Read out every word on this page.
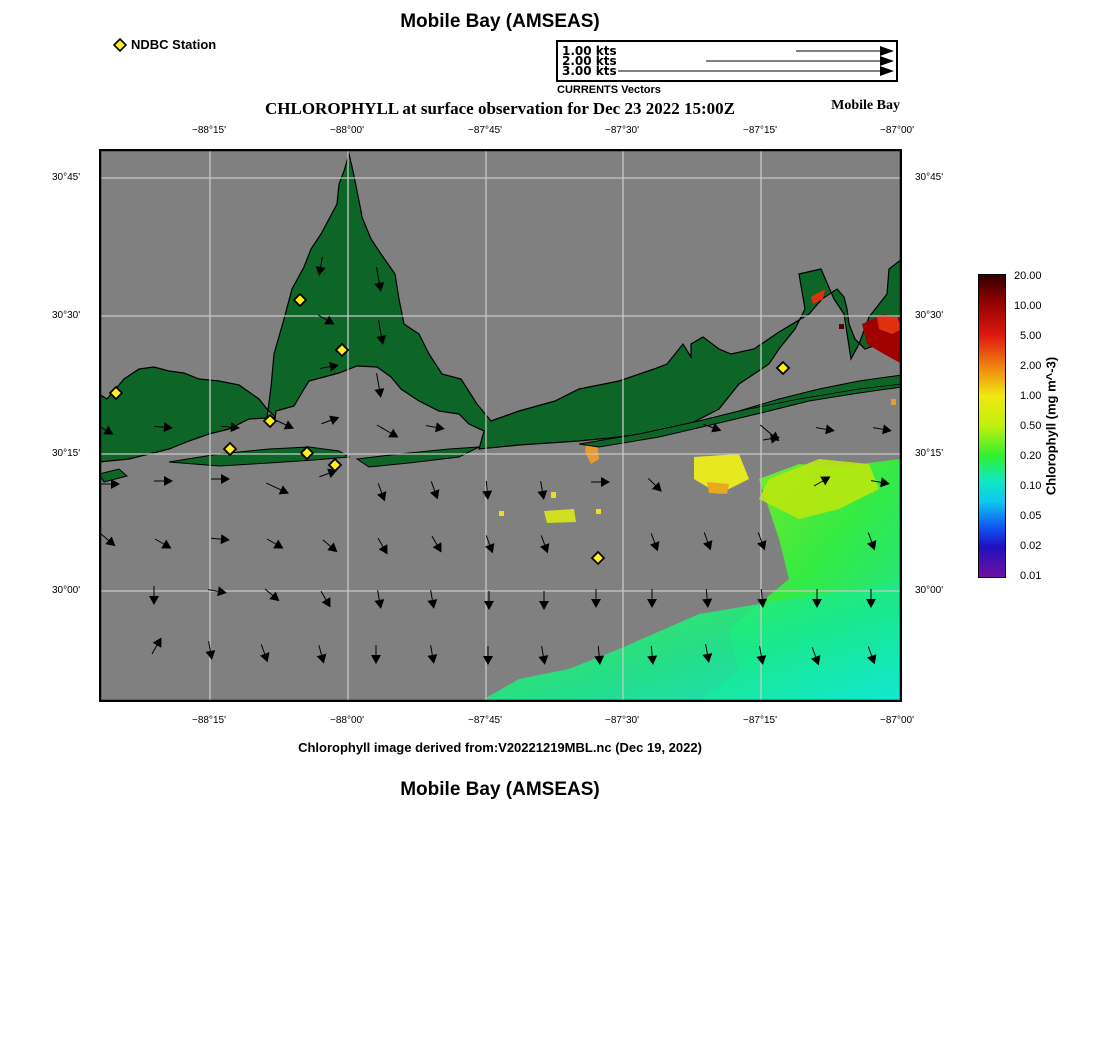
Mobile Bay (AMSEAS)
NDBC Station	1.00 kts
2.00 kts
3.00 kts
CURRENTS Vectors
CHLOROPHYLL at surface observation for Dec 23 2022 15:00Z	Mobile Bay
−88°15'	−88°00'	−87°45'	−87°30'	−87°15'	−87°00'
−88°15'	−88°00'	−87°45'	−87°30'	−87°15'	−87°00'
30°45'
30°30'
30°15'
30°00'
30°45'
30°30'
30°15'
30°00'
Chlorophyll image derived from:V20221219MBL.nc (Dec 19, 2022)
20.00
10.00
5.00
2.00
1.00
0.50
0.20
0.10
0.05
0.02
0.01
Chlorophyll (mg m^-3)
Mobile Bay (AMSEAS)
